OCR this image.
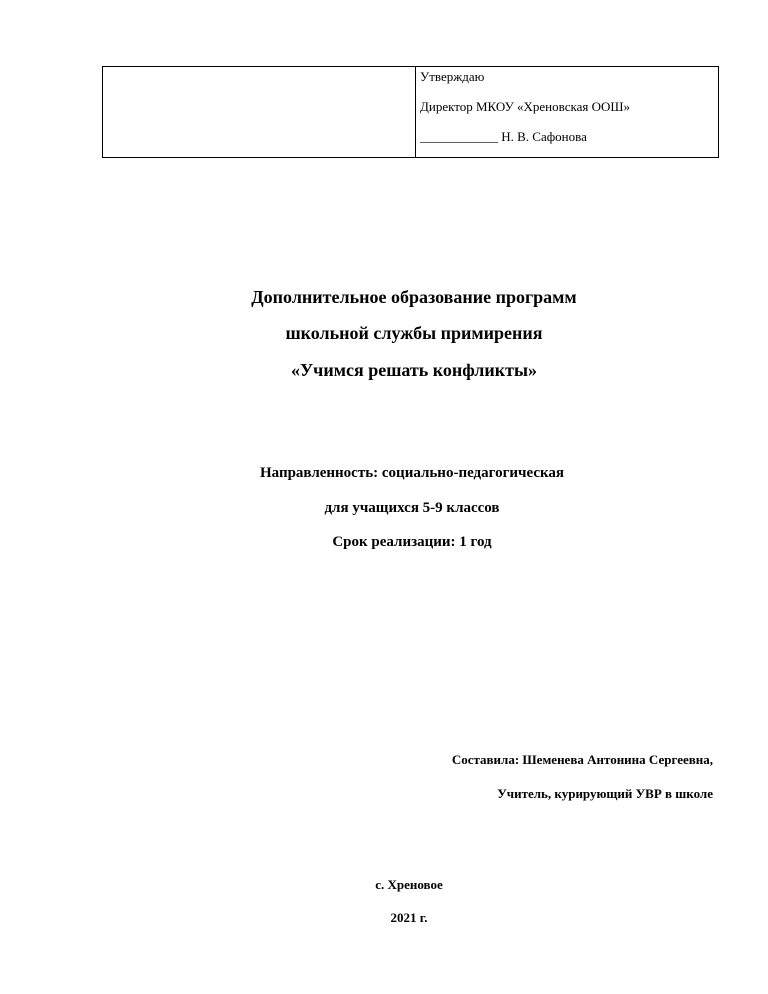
Утверждаю
Директор МКОУ «Хреновская ООШ»
____________ Н. В. Сафонова
Дополнительное образование программ
школьной службы примирения
«Учимся решать конфликты»
Направленность: социально-педагогическая
для учащихся 5-9 классов
Срок реализации: 1 год
Составила: Шеменева Антонина Сергеевна,
Учитель, курирующий УВР в школе
с. Хреновое
2021 г.
